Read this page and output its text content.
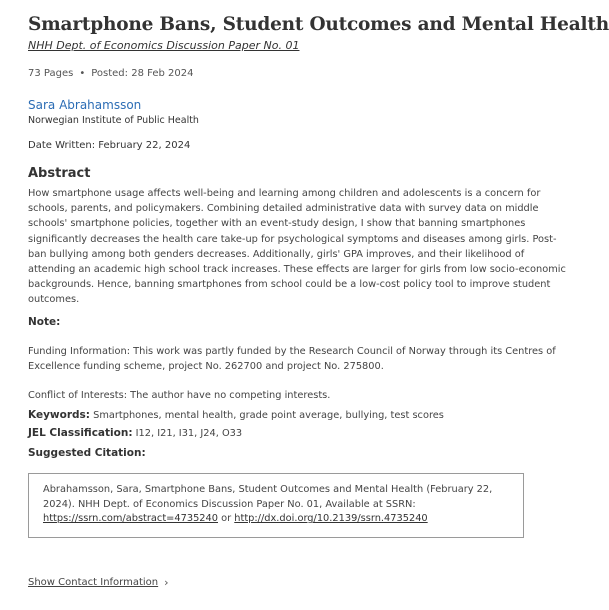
Smartphone Bans, Student Outcomes and Mental Health

NHH Dept. of Economics Discussion Paper No. 01

73 Pages • Posted: 28 Feb 2024
Sara Abrahamsson
Norwegian Institute of Public Health
Date Written: February 22, 2024
Abstract
How smartphone usage affects well-being and learning among children and adolescents is a concern for
schools, parents, and policymakers. Combining detailed administrative data with survey data on middle
schools' smartphone policies, together with an event-study design, I show that banning smartphones
significantly decreases the health care take-up for psychological symptoms and diseases among girls. Post-
ban bullying among both genders decreases. Additionally, girls' GPA improves, and their likelihood of
attending an academic high school track increases. These effects are larger for girls from low socio-economic
backgrounds. Hence, banning smartphones from school could be a low-cost policy tool to improve student
outcomes.
Note:
Funding Information: This work was partly funded by the Research Council of Norway through its Centres of
Excellence funding scheme, project No. 262700 and project No. 275800.
Conflict of Interests: The author have no competing interests.
Keywords: Smartphones, mental health, grade point average, bullying, test scores
JEL Classification: I12, I21, I31, J24, O33
Suggested Citation:
Abrahamsson, Sara, Smartphone Bans, Student Outcomes and Mental Health (February 22,
2024). NHH Dept. of Economics Discussion Paper No. 01, Available at SSRN:
https://ssrn.com/abstract=4735240 or http://dx.doi.org/10.2139/ssrn.4735240
Show Contact Information ›
